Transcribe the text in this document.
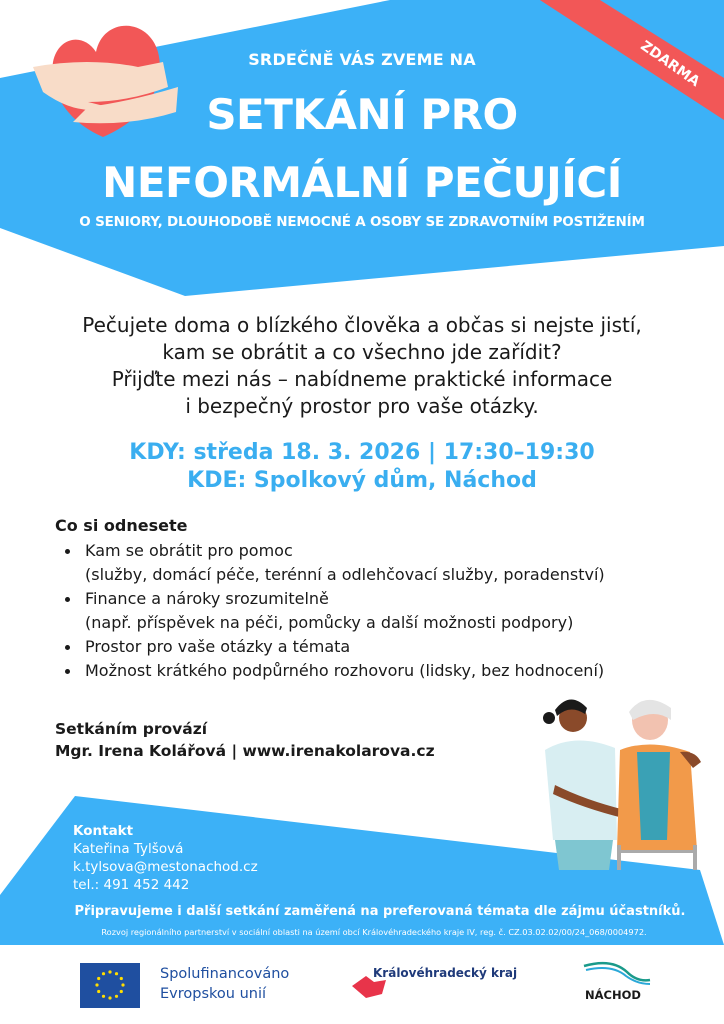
SRDEČNĚ VÁS ZVEME NA
SETKÁNÍ PRO
NEFORMÁLNÍ PEČUJÍCÍ
O SENIORY, DLOUHODOBĚ NEMOCNÉ A OSOBY SE ZDRAVOTNÍM POSTIŽENÍM
ZDARMA
Pečujete doma o blízkého člověka a občas si nejste jistí,
kam se obrátit a co všechno jde zařídit?
Přijďte mezi nás – nabídneme praktické informace
i bezpečný prostor pro vaše otázky.
KDY: středa 18. 3. 2026 | 17:30–19:30
KDE: Spolkový dům, Náchod
Co si odnesete
Kam se obrátit pro pomoc
(služby, domácí péče, terénní a odlehčovací služby, poradenství)
Finance a nároky srozumitelně
(např. příspěvek na péči, pomůcky a další možnosti podpory)
Prostor pro vaše otázky a témata
Možnost krátkého podpůrného rozhovoru (lidsky, bez hodnocení)
Setkáním provází
Mgr. Irena Kolářová | www.irenakolarova.cz
Kontakt
Kateřina Tylšová
k.tylsova@mestonachod.cz
tel.: 491 452 442
Připravujeme i další setkání zaměřená na preferovaná témata dle zájmu účastníků.
Rozvoj regionálního partnerství v sociální oblasti na území obcí Královéhradeckého kraje IV, reg. č. CZ.03.02.02/00/24_068/0004972.
Spolufinancováno
Evropskou unií
Královéhradecký kraj
NÁCHOD
